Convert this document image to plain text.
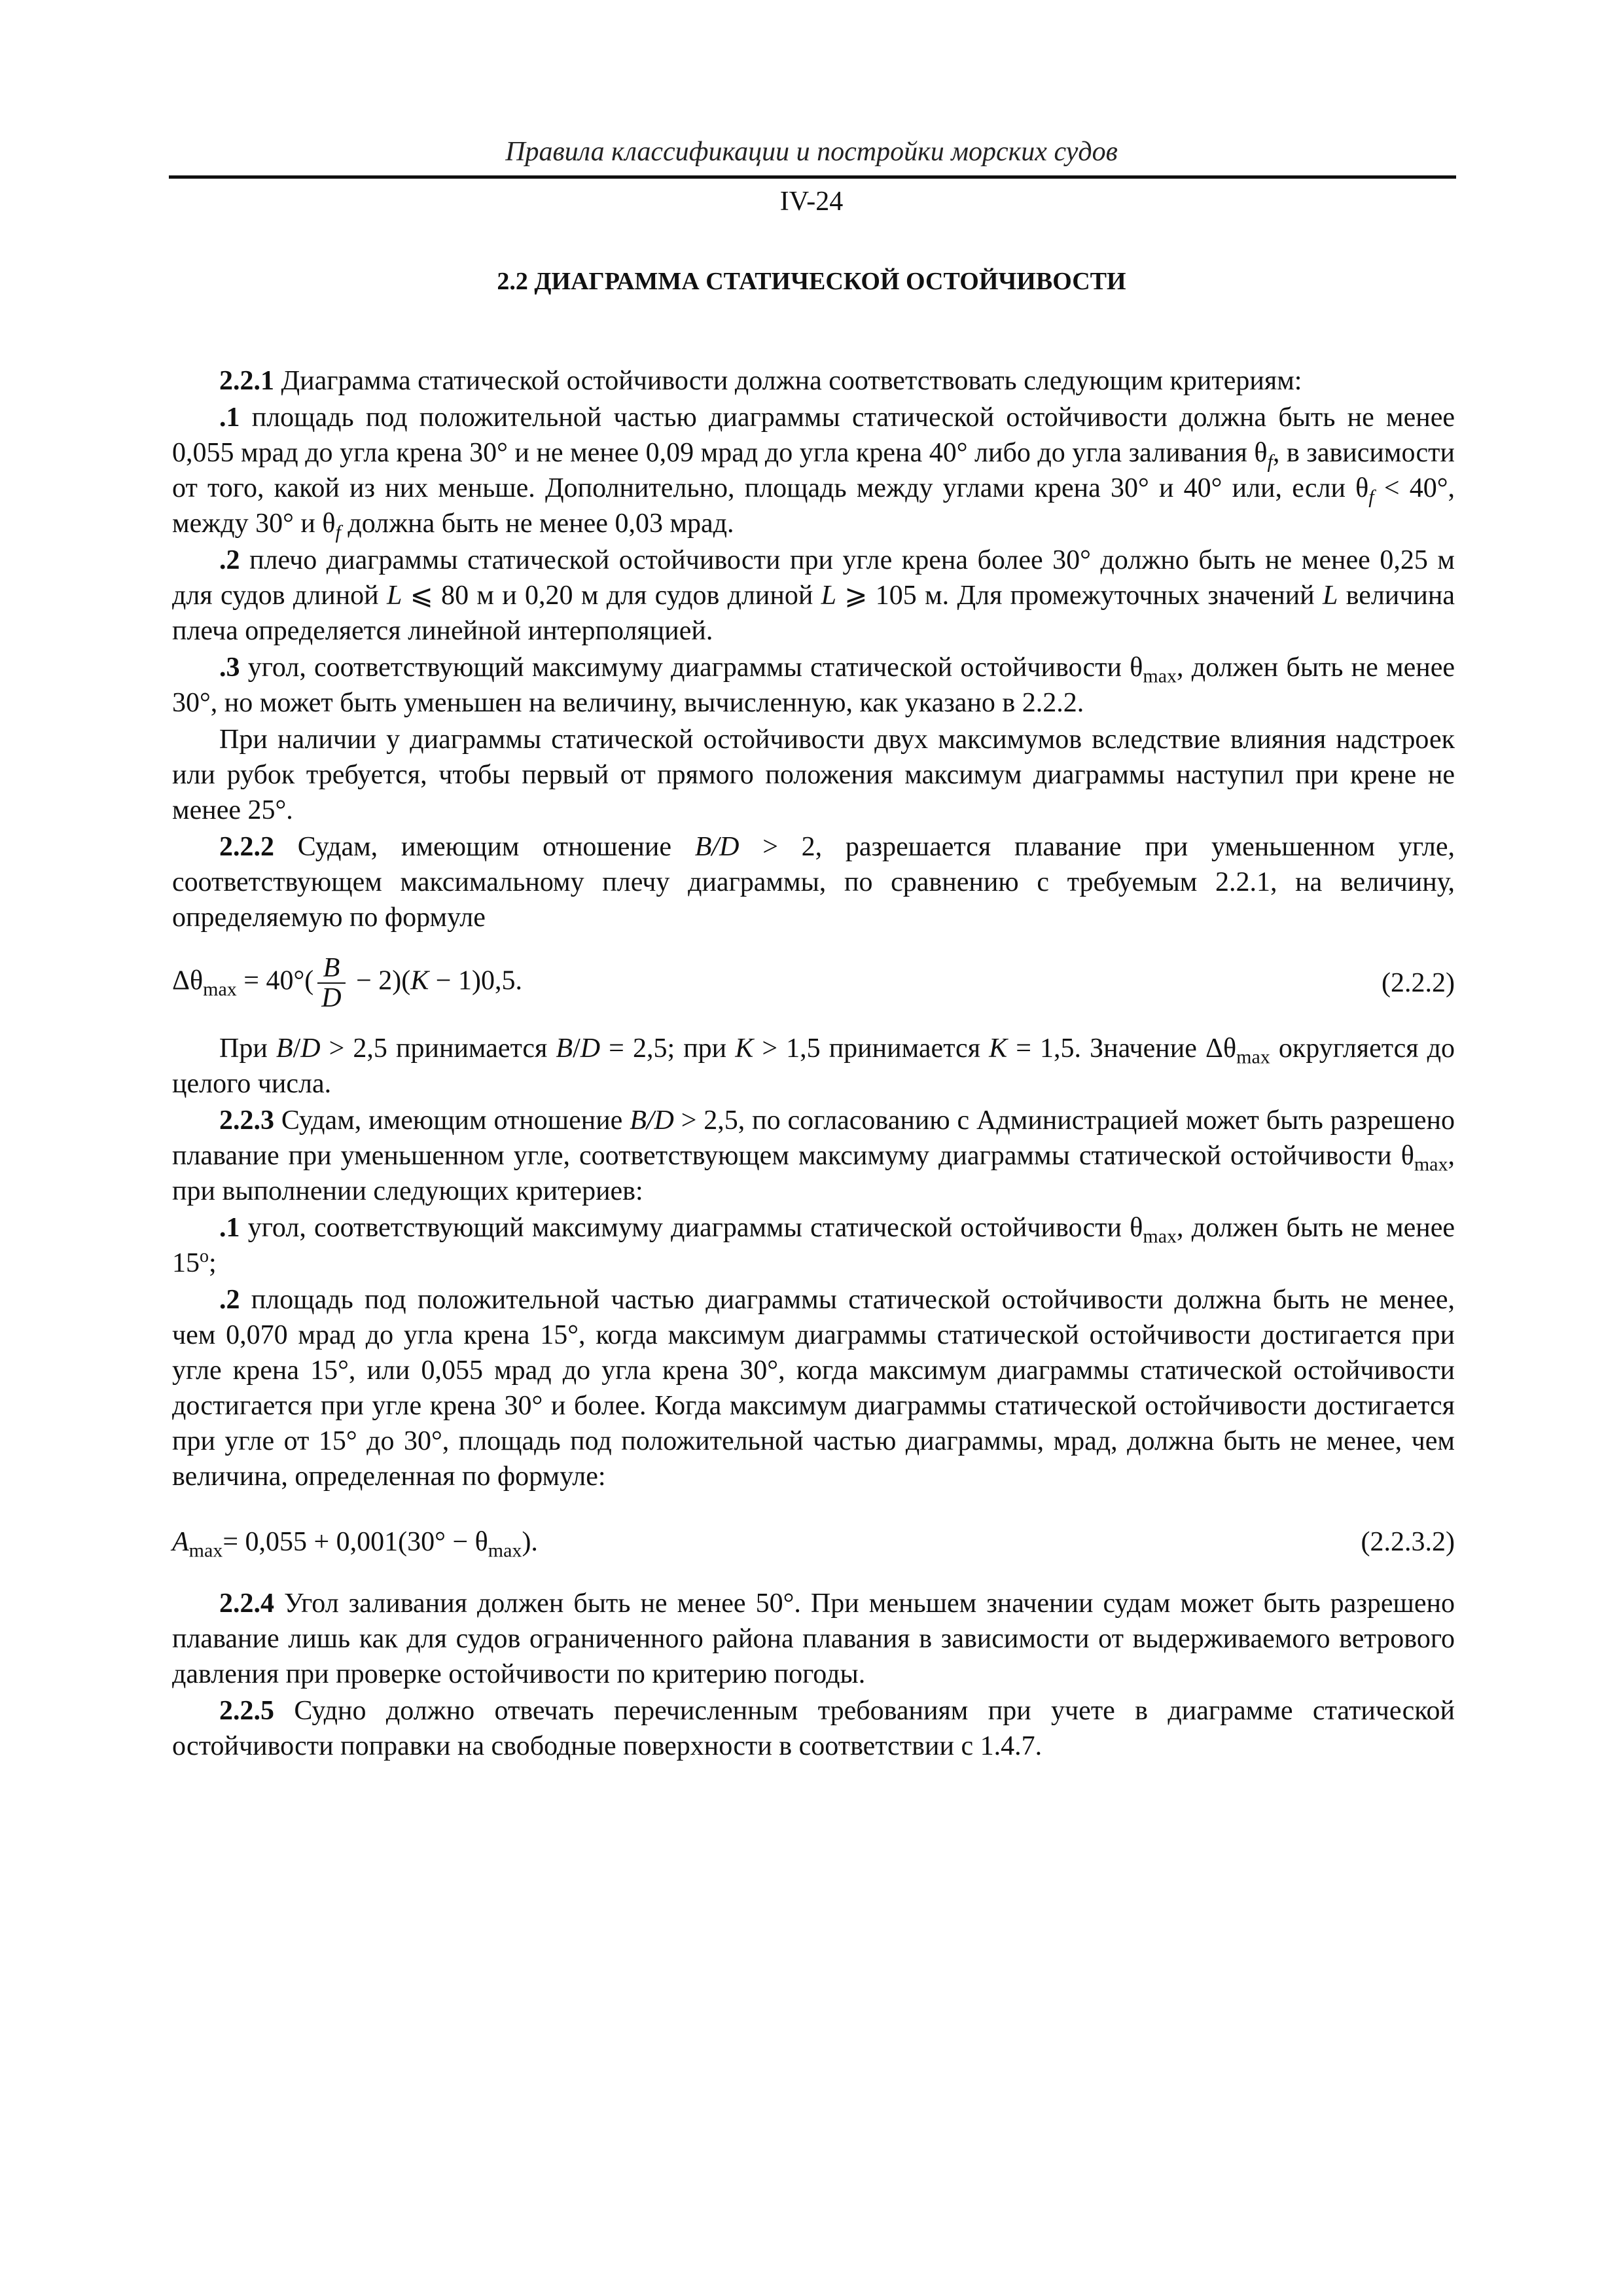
Правила классификации и постройки морских судов
IV-24
2.2 ДИАГРАММА СТАТИЧЕСКОЙ ОСТОЙЧИВОСТИ

2.2.1 Диаграмма статической остойчивости должна соответствовать следующим критериям:

.1 площадь под положительной частью диаграммы статической остойчивости должна быть не менее 0,055 мрад до угла крена 30° и не менее 0,09 мрад до угла крена 40° либо до угла заливания $\theta_f$, в зависимости от того, какой из них меньше. Дополнительно, площадь между углами крена 30° и 40° или, если $\theta_f < 40^\circ$, между 30° и $\theta_f$ должна быть не менее 0,03 мрад.

.2 плечо диаграммы статической остойчивости при угле крена более 30° должно быть не менее 0,25 м для судов длиной L ⩽ 80 м и 0,20 м для судов длиной L ⩾ 105 м. Для промежуточных значений L величина плеча определяется линейной интерполяцией.

.3 угол, соответствующий максимуму диаграммы статической остойчивости $\theta_{max}$, должен быть не менее 30°, но может быть уменьшен на величину, вычисленную, как указано в 2.2.2.

При наличии у диаграммы статической остойчивости двух максимумов вследствие влияния надстроек или рубок требуется, чтобы первый от прямого положения максимум диаграммы наступил при крене не менее 25°.

2.2.2 Судам, имеющим отношение B/D > 2, разрешается плавание при уменьшенном угле, соответствующем максимальному плечу диаграммы, по сравнению с требуемым 2.2.1, на величину, определяемую по формуле

$\Delta\theta_{max} = 40^\circ( \frac{B}{D} - 2)(K - 1)0,5$.	(2.2.2)

При B/D > 2,5 принимается B/D = 2,5; при K > 1,5 принимается K = 1,5. Значение $\Delta\theta_{max}$ округляется до целого числа.

2.2.3 Судам, имеющим отношение B/D > 2,5, по согласованию с Администрацией может быть разрешено плавание при уменьшенном угле, соответствующем максимуму диаграммы статической остойчивости $\theta_{max}$, при выполнении следующих критериев:

.1 угол, соответствующий максимуму диаграммы статической остойчивости $\theta_{max}$, должен быть не менее $15^о$;

.2 площадь под положительной частью диаграммы статической остойчивости должна быть не менее, чем 0,070 мрад до угла крена 15°, когда максимум диаграммы статической остойчивости достигается при угле крена 15°, или 0,055 мрад до угла крена 30°, когда максимум диаграммы статической остойчивости достигается при угле крена 30° и более. Когда максимум диаграммы статической остойчивости достигается при угле от 15° до 30°, площадь под положительной частью диаграммы, мрад, должна быть не менее, чем величина, определенная по формуле:

$A_{max}= 0,055 + 0,001(30^\circ - \theta_{max})$.	(2.2.3.2)

2.2.4 Угол заливания должен быть не менее 50°. При меньшем значении судам может быть разрешено плавание лишь как для судов ограниченного района плавания в зависимости от выдерживаемого ветрового давления при проверке остойчивости по критерию погоды.

2.2.5 Судно должно отвечать перечисленным требованиям при учете в диаграмме статической остойчивости поправки на свободные поверхности в соответствии с 1.4.7.
